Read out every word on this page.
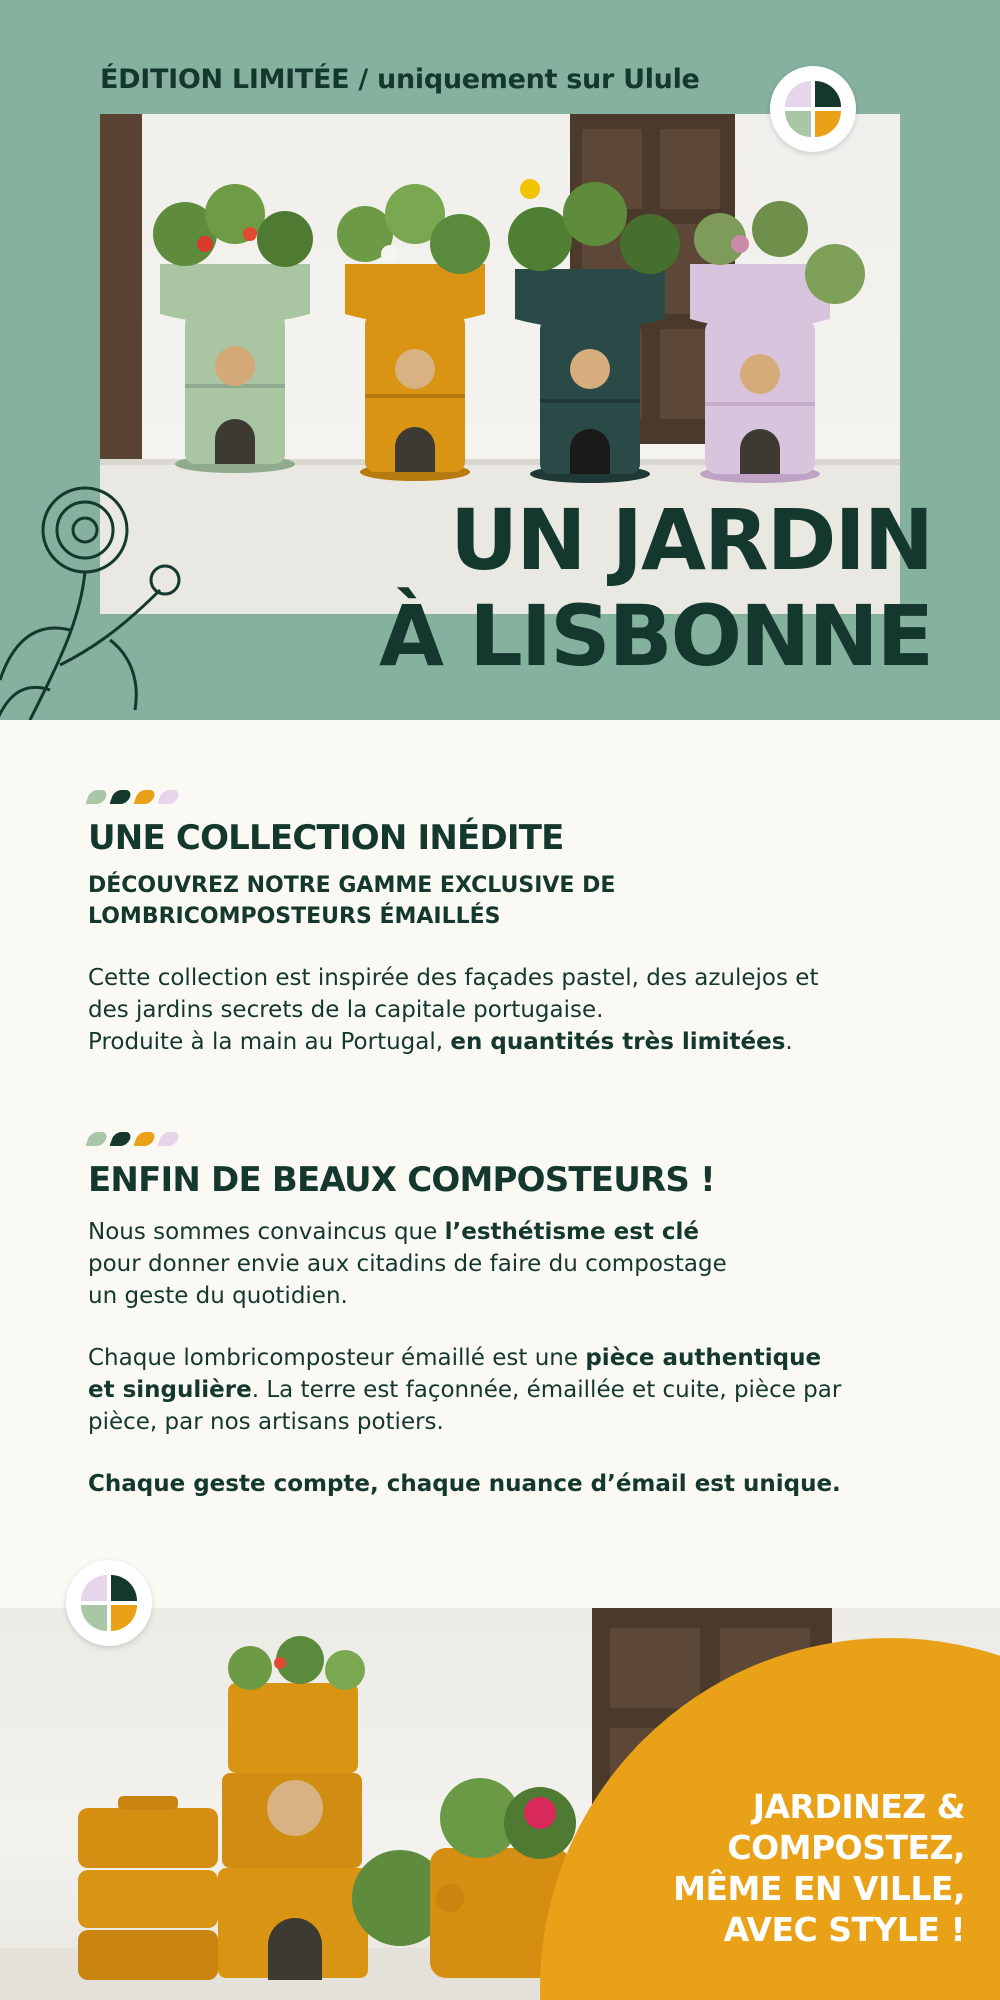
ÉDITION LIMITÉE / uniquement sur Ulule
UN JARDIN
À LISBONNE
UNE COLLECTION INÉDITE
DÉCOUVREZ NOTRE GAMME EXCLUSIVE DE
LOMBRICOMPOSTEURS ÉMAILLÉS
Cette collection est inspirée des façades pastel, des azulejos et
des jardins secrets de la capitale portugaise.
Produite à la main au Portugal, en quantités très limitées.
ENFIN DE BEAUX COMPOSTEURS !
Nous sommes convaincus que l’esthétisme est clé
pour donner envie aux citadins de faire du compostage
un geste du quotidien.
Chaque lombricomposteur émaillé est une pièce authentique
et singulière. La terre est façonnée, émaillée et cuite, pièce par
pièce, par nos artisans potiers.
Chaque geste compte, chaque nuance d’émail est unique.
JARDINEZ &
COMPOSTEZ,
MÊME EN VILLE,
AVEC STYLE !
